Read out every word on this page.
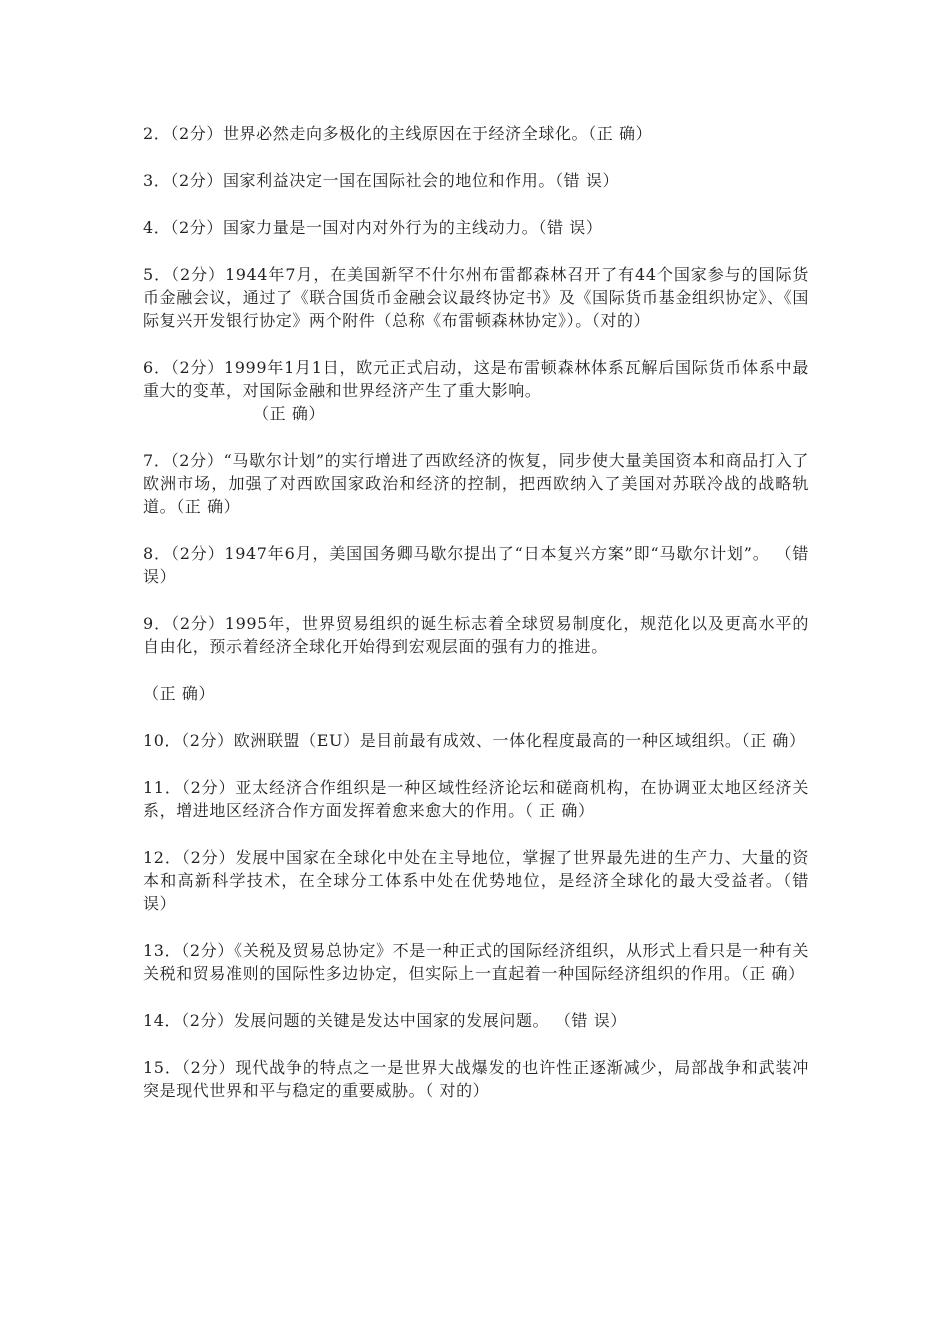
2．（2分）世界必然走向多极化的主线原因在于经济全球化。（正 确）
3．（2分）国家利益决定一国在国际社会的地位和作用。（错 误）
4．（2分）国家力量是一国对内对外行为的主线动力。（错 误）
5．（2分）1944年7月，在美国新罕不什尔州布雷都森林召开了有44个国家参与的国际货币金融会议，通过了《联合国货币金融会议最终协定书》及《国际货币基金组织协定》、《国际复兴开发银行协定》两个附件（总称《布雷顿森林协定》）。（对的）
6．（2分）1999年1月1日，欧元正式启动，这是布雷顿森林体系瓦解后国际货币体系中最重大的变革，对国际金融和世界经济产生了重大影响。
（正 确）
7．（2分）“马歇尔计划”的实行增进了西欧经济的恢复，同步使大量美国资本和商品打入了欧洲市场，加强了对西欧国家政治和经济的控制，把西欧纳入了美国对苏联冷战的战略轨道。（正 确）
8．（2分）1947年6月，美国国务卿马歇尔提出了“日本复兴方案”即“马歇尔计划”。 （错 误）
9．（2分）1995年，世界贸易组织的诞生标志着全球贸易制度化，规范化以及更高水平的自由化，预示着经济全球化开始得到宏观层面的强有力的推进。
（正 确）
10．（2分）欧洲联盟（EU）是目前最有成效、一体化程度最高的一种区域组织。（正 确）
11．（2分）亚太经济合作组织是一种区域性经济论坛和磋商机构，在协调亚太地区经济关系，增进地区经济合作方面发挥着愈来愈大的作用。（ 正 确）
12．（2分）发展中国家在全球化中处在主导地位，掌握了世界最先进的生产力、大量的资本和高新科学技术，在全球分工体系中处在优势地位，是经济全球化的最大受益者。（错 误）
13．（2分）《关税及贸易总协定》不是一种正式的国际经济组织，从形式上看只是一种有关关税和贸易准则的国际性多边协定，但实际上一直起着一种国际经济组织的作用。（正 确）
14．（2分）发展问题的关键是发达中国家的发展问题。 （错 误）
15．（2分）现代战争的特点之一是世界大战爆发的也许性正逐渐减少，局部战争和武装冲突是现代世界和平与稳定的重要威胁。（ 对的）
